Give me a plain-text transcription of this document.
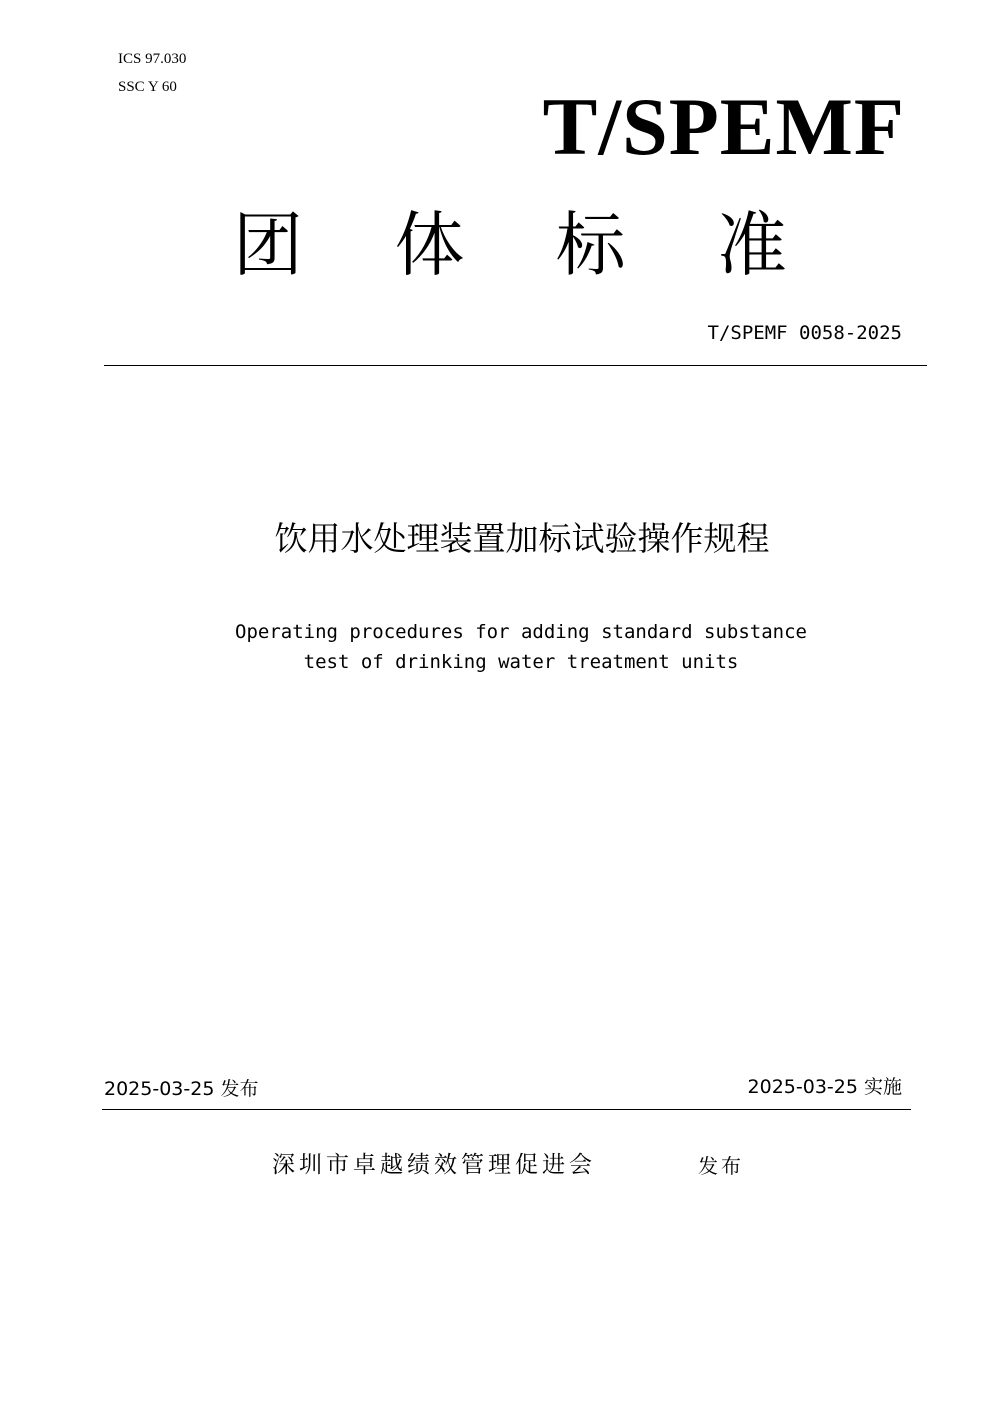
ICS 97.030
SSC Y 60	T/SPEMF
团 体 标 准
T/SPEMF 0058-2025
饮用水处理装置加标试验操作规程
Operating procedures for adding standard substance
test of drinking water treatment units
2025-03-25 发布	2025-03-25 实施
深圳市卓越绩效管理促进会	发布
